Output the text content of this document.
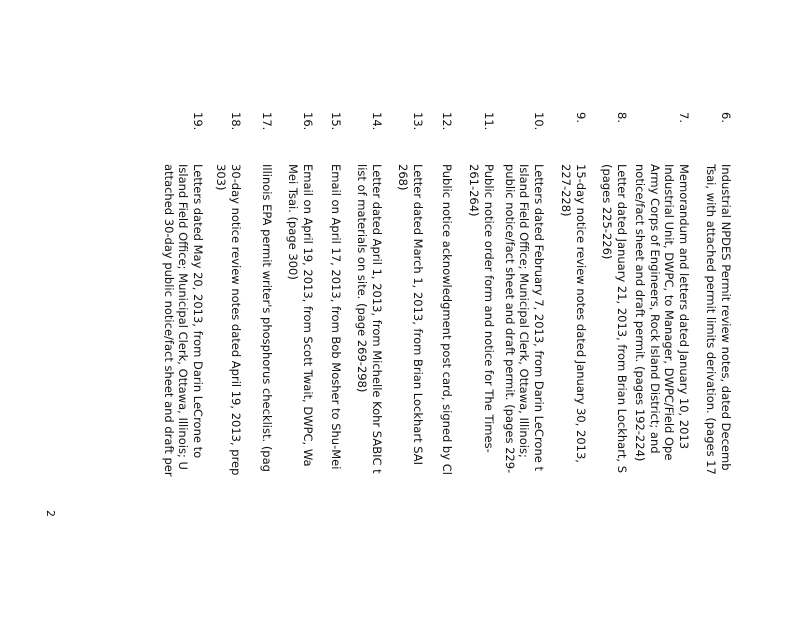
6.
Industrial NPDES Permit review notes, dated Decemb
Tsai, with attached permit limits derivation. (pages 17
7.
Memorandum and letters dated January 10, 2013
Industrial Unit, DWPC, to Manager, DWPC/Field Ope
Army Corps of Engineers, Rock Island District; and
notice/fact sheet and draft permit. (pages 192-224)
8.
Letter dated January 21, 2013, from Brian Lockhart, S
(pages 225-226)
9.
15-day notice review notes dated January 30, 2013,
227-228)
10.
Letters dated February 7, 2013, from Darin LeCrone t
Island Field Office; Municipal Clerk, Ottawa, Illinois;
public notice/fact sheet and draft permit. (pages 229-
11.
Public notice order form and notice for The Times-
261-264)
12.
Public notice acknowledgment post card, signed by Cl
13.
Letter dated March 1, 2013, from Brian Lockhart SAI
268)
14.
Letter dated April 1, 2013, from Michelle Kohr SABIC t
list of materials on site. (page 269-298)
15.
Email on April 17, 2013, from Bob Mosher to Shu-Mei
16.
Email on April 19, 2013, from Scott Twait, DWPC, Wa
Mei Tsai. (page 300)
17.
Illinois EPA permit writer's phosphorus checklist. (pag
18.
30-day notice review notes dated April 19, 2013, prep
303)
19.
Letters dated May 20, 2013, from Darin LeCrone to
Island Field Office; Municipal Clerk, Ottawa, Illinois; U
attached 30-day public notice/fact sheet and draft per
2
